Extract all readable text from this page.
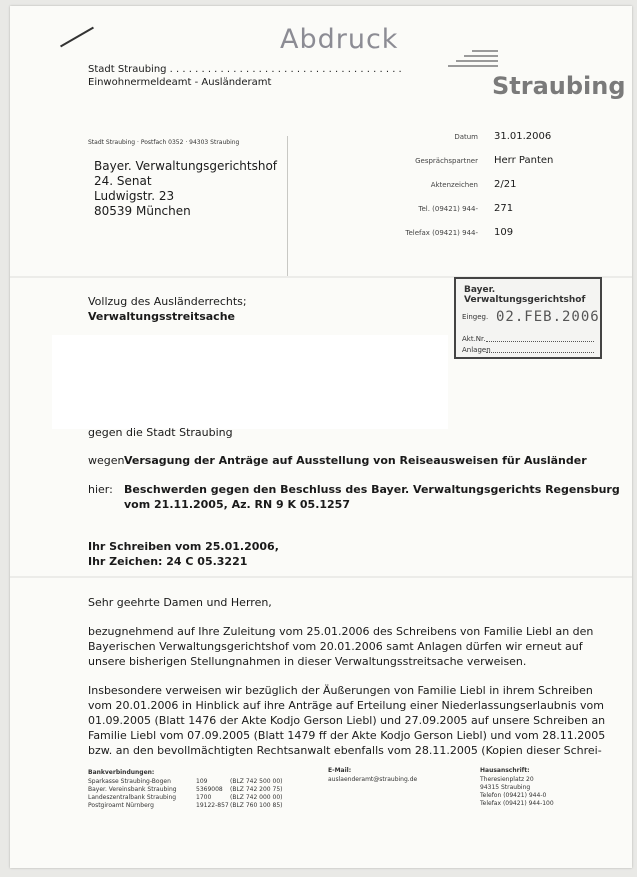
Abdruck
Straubing
Stadt Straubing . . . . . . . . . . . . . . . . . . . . . . . . . . . . . . . . . . . . .
Einwohnermeldeamt - Ausländeramt
Stadt Straubing · Postfach 0352 · 94303 Straubing
Bayer. Verwaltungsgerichtshof
24. Senat
Ludwigstr. 23
80539 München
Datum 31.01.2006
Gesprächspartner Herr Panten
Aktenzeichen 2/21
Tel. (09421) 944- 271
Telefax (09421) 944- 109
Bayer. Verwaltungsgerichtshof
Eingeg. 02.FEB.2006
Akt.Nr.
Anlagen
Vollzug des Ausländerrechts;
Verwaltungsstreitsache
gegen die Stadt Straubing
wegen Versagung der Anträge auf Ausstellung von Reiseausweisen für Ausländer
hier: Beschwerden gegen den Beschluss des Bayer. Verwaltungsgerichts Regensburg
vom 21.11.2005, Az. RN 9 K 05.1257
Ihr Schreiben vom 25.01.2006,
Ihr Zeichen: 24 C 05.3221
Sehr geehrte Damen und Herren,
bezugnehmend auf Ihre Zuleitung vom 25.01.2006 des Schreibens von Familie Liebl an den
Bayerischen Verwaltungsgerichtshof vom 20.01.2006 samt Anlagen dürfen wir erneut auf
unsere bisherigen Stellungnahmen in dieser Verwaltungsstreitsache verweisen.
Insbesondere verweisen wir bezüglich der Äußerungen von Familie Liebl in ihrem Schreiben
vom 20.01.2006 in Hinblick auf ihre Anträge auf Erteilung einer Niederlassungserlaubnis vom
01.09.2005 (Blatt 1476 der Akte Kodjo Gerson Liebl) und 27.09.2005 auf unsere Schreiben an
Familie Liebl vom 07.09.2005 (Blatt 1479 ff der Akte Kodjo Gerson Liebl) und vom 28.11.2005
bzw. an den bevollmächtigten Rechtsanwalt ebenfalls vom 28.11.2005 (Kopien dieser Schrei-
Bankverbindungen:
Sparkasse Straubing-Bogen	109	(BLZ 742 500 00)
Bayer. Vereinsbank Straubing	5369008 (BLZ 742 200 75)
Landeszentralbank Straubing	1700	(BLZ 742 000 00)
Postgiroamt Nürnberg	19122-857(BLZ 760 100 85)
E-Mail:
auslaenderamt@straubing.de
Hausanschrift:
Theresienplatz 20
94315 Straubing
Telefon (09421) 944-0
Telefax (09421) 944-100
